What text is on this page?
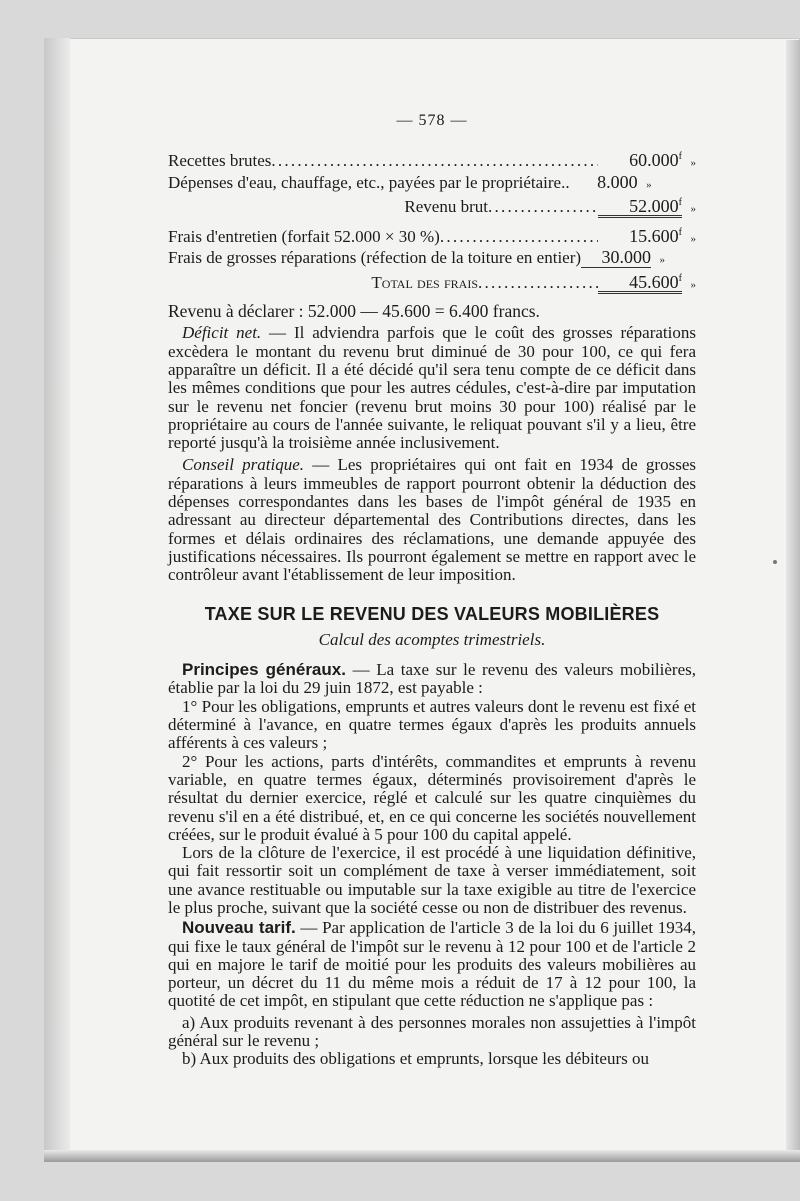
— 578 —
Recettes brutes . . .	60.000$^f$
»
Dépenses d'eau, chauffage, etc., payées par le propriétaire..	8.000 »
Revenu brut . . .	52.000$^f$
»
Frais d'entretien (forfait 52.000 × 30 %) . . .	15.600$^f$
»
Frais de grosses réparations (réfection de la toiture en entier)	30.000 »
Total des frais . . .	45.600$^f$
»

Revenu à déclarer : 52.000 — 45.600 = 6.400 francs.

Déficit net. — Il adviendra parfois que le coût des grosses réparations excèdera le montant du revenu brut diminué de 30 pour 100, ce qui fera apparaître un déficit. Il a été décidé qu'il sera tenu compte de ce déficit dans les mêmes conditions que pour les autres cédules, c'est-à-dire par imputation sur le revenu net foncier (revenu brut moins 30 pour 100) réalisé par le propriétaire au cours de l'année suivante, le reliquat pouvant s'il y a lieu, être reporté jusqu'à la troisième année inclusivement.

Conseil pratique. — Les propriétaires qui ont fait en 1934 de grosses réparations à leurs immeubles de rapport pourront obtenir la déduction des dépenses correspondantes dans les bases de l'impôt général de 1935 en adressant au directeur départemental des Contributions directes, dans les formes et délais ordinaires des réclamations, une demande appuyée des justifications nécessaires. Ils pourront également se mettre en rapport avec le contrôleur avant l'établissement de leur imposition.

TAXE SUR LE REVENU DES VALEURS MOBILIÈRES
Calcul des acomptes trimestriels.

Principes généraux. — La taxe sur le revenu des valeurs mobilières, établie par la loi du 29 juin 1872, est payable :

1° Pour les obligations, emprunts et autres valeurs dont le revenu est fixé et déterminé à l'avance, en quatre termes égaux d'après les produits annuels afférents à ces valeurs ;

2° Pour les actions, parts d'intérêts, commandites et emprunts à revenu variable, en quatre termes égaux, déterminés provisoirement d'après le résultat du dernier exercice, réglé et calculé sur les quatre cinquièmes du revenu s'il en a été distribué, et, en ce qui concerne les sociétés nouvellement créées, sur le produit évalué à 5 pour 100 du capital appelé.

Lors de la clôture de l'exercice, il est procédé à une liquidation définitive, qui fait ressortir soit un complément de taxe à verser immédiatement, soit une avance restituable ou imputable sur la taxe exigible au titre de l'exercice le plus proche, suivant que la société cesse ou non de distribuer des revenus.

Nouveau tarif. — Par application de l'article 3 de la loi du 6 juillet 1934, qui fixe le taux général de l'impôt sur le revenu à 12 pour 100 et de l'article 2 qui en majore le tarif de moitié pour les produits des valeurs mobilières au porteur, un décret du 11 du même mois a réduit de 17 à 12 pour 100, la quotité de cet impôt, en stipulant que cette réduction ne s'applique pas :

a) Aux produits revenant à des personnes morales non assujetties à l'impôt général sur le revenu ;

b) Aux produits des obligations et emprunts, lorsque les débiteurs ou
